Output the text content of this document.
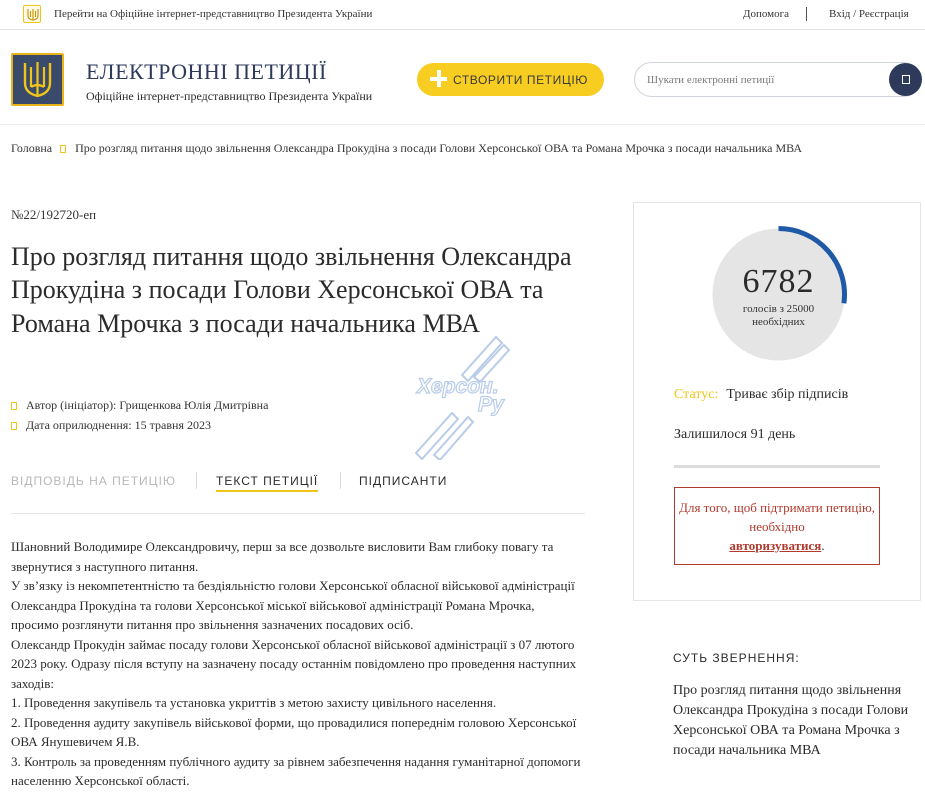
Перейти на Офіційне інтернет-представництво Президента України	Допомога	Вхід / Реєстрація
ЕЛЕКТРОННІ ПЕТИЦІЇ
Офіційне інтернет-представництво Президента України
СТВОРИТИ ПЕТИЦІЮ
Шукати електронні петиції
Головна Про розгляд питання щодо звільнення Олександра Прокудіна з посади Голови Херсонської ОВА та Романа Мрочка з посади начальника МВА
№22/192720-еп
Про розгляд питання щодо звільнення Олександра Прокудіна з посади Голови Херсонської ОВА та Романа Мрочка з посади начальника МВА
Автор (ініціатор): Грищенкова Юлія Дмитрівна
Дата оприлюднення: 15 травня 2023
Херсон.
Ру
ВІДПОВІДЬ НА ПЕТИЦІЮ	ТЕКСТ ПЕТИЦІЇ	ПІДПИСАНТИ
Шановний Володимире Олександровичу, перш за все дозвольте висловити Вам глибоку повагу та звернутися з наступного питання.
У зв’язку із некомпетентністю та бездіяльністю голови Херсонської обласної військової адміністрації Олександра Прокудіна та голови Херсонської міської військової адміністрації Романа Мрочка, просимо розглянути питання про звільнення зазначених посадових осіб.
Олександр Прокудін займає посаду голови Херсонської обласної військової адміністрації з 07 лютого 2023 року. Одразу після вступу на зазначену посаду останнім повідомлено про проведення наступних заходів:
1. Проведення закупівель та установка укриттів з метою захисту цивільного населення.
2. Проведення аудиту закупівель військової форми, що провадилися попереднім головою Херсонської ОВА Янушевичем Я.В.
3. Контроль за проведенням публічного аудиту за рівнем забезпечення надання гуманітарної допомоги населенню Херсонської області.
6782
голосів з 25000 необхідних
Статус: Триває збір підписів
Залишилося 91 день
Для того, щоб підтримати петицію, необхідно
авторизуватися.
СУТЬ ЗВЕРНЕННЯ:
Про розгляд питання щодо звільнення Олександра Прокудіна з посади Голови Херсонської ОВА та Романа Мрочка з посади начальника МВА
